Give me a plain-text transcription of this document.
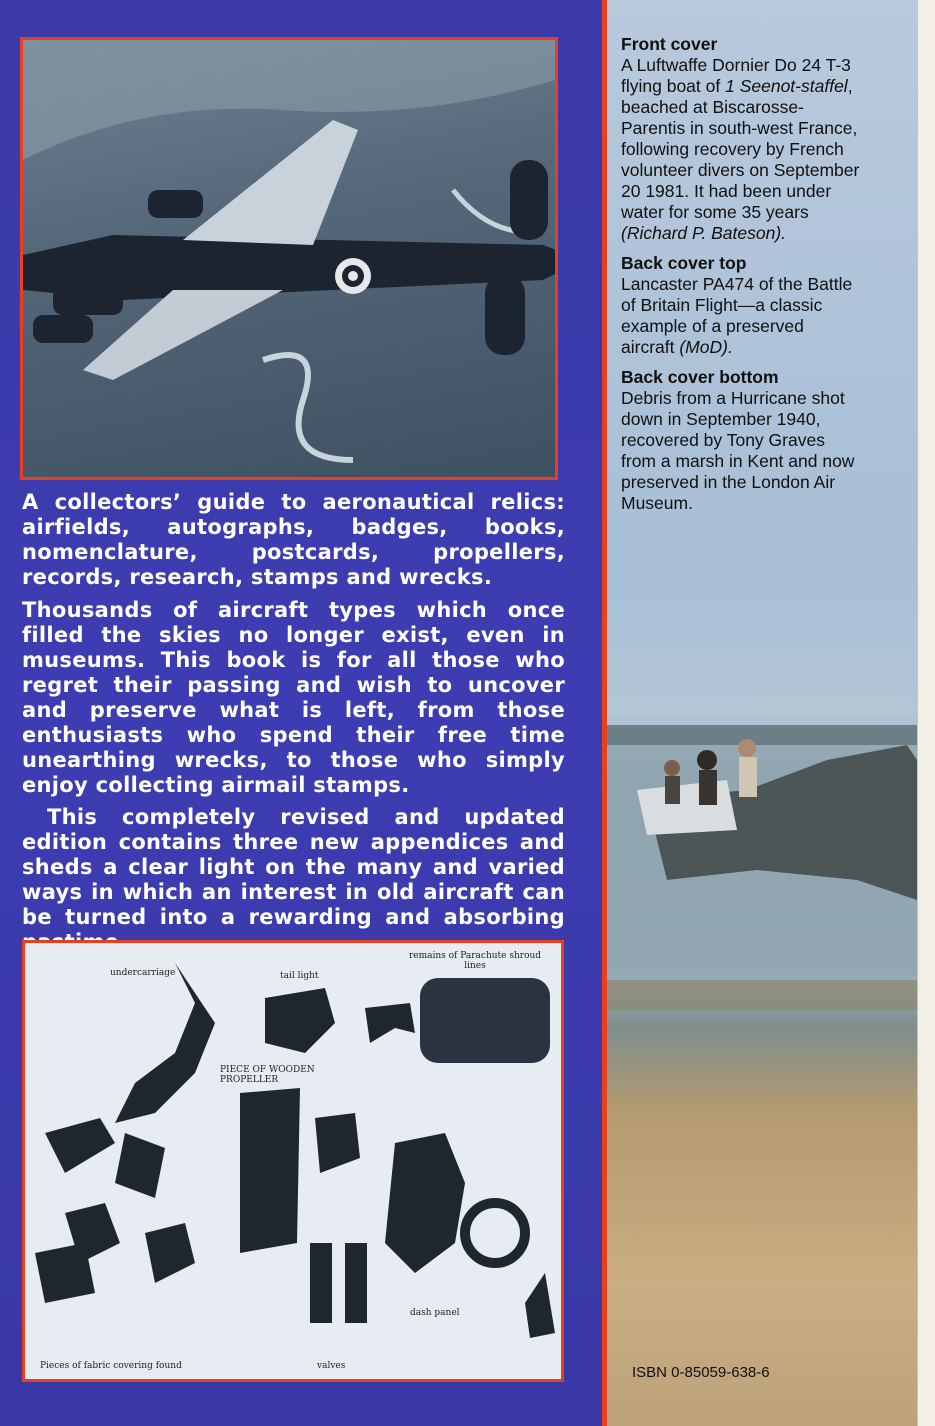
A collectors’ guide to aeronautical relics: airfields, autographs, badges, books, nomenclature, postcards, propellers, records, research, stamps and wrecks.
Thousands of aircraft types which once filled the skies no longer exist, even in museums. This book is for all those who regret their passing and wish to uncover and preserve what is left, from those enthusiasts who spend their free time unearthing wrecks, to those who simply enjoy collecting airmail stamps.
This completely revised and updated edition contains three new appendices and sheds a clear light on the many and varied ways in which an interest in old aircraft can be turned into a rewarding and absorbing
undercarriage	tail light
remains of Parachute shroud lines
PIECE OF WOODEN PROPELLER
Pieces of fabric covering found	valves
dash panel
Front cover
A Luftwaffe Dornier Do 24 T-3 flying boat of 1 Seenot-staffel, beached at Biscarosse-Parentis in south-west France, following recovery by French volunteer divers on September 20 1981. It had been under water for some 35 years (Richard P. Bateson).
Back cover top
Lancaster PA474 of the Battle of Britain Flight—a classic example of a preserved aircraft (MoD).
Back cover bottom
Debris from a Hurricane shot down in September 1940, recovered by Tony Graves from a marsh in Kent and now preserved in the London Air Museum.
ISBN 0-85059-638-6
